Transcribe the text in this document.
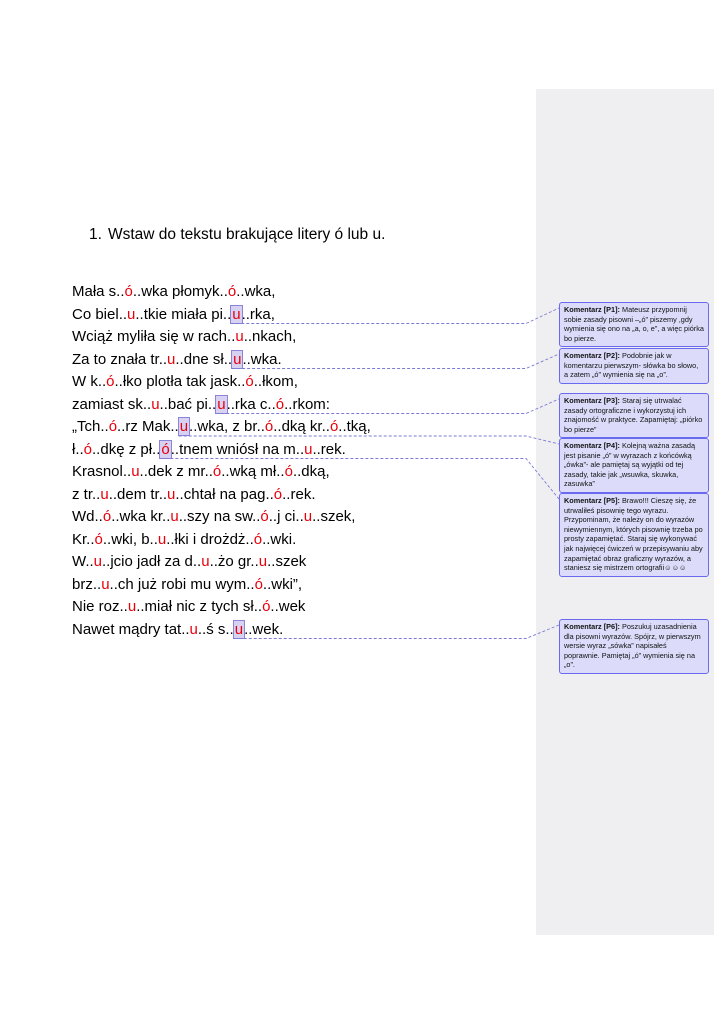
1. Wstaw do tekstu brakujące litery ó lub u.
Mała s..ó..wka płomyk..ó..wka,
Co biel..u..tkie miała pi..u..rka,
Wciąż myliła się w rach..u..nkach,
Za to znała tr..u..dne sł..u..wka.
W k..ó..łko plotła tak jask..ó..łkom,
zamiast sk..u..bać pi..u..rka c..ó..rkom:
„Tch..ó..rz Mak..u..wka, z br..ó..dką kr..ó..tką,
ł..ó..dkę z pł..ó..tnem wniósł na m..u..rek.
Krasnol..u..dek z mr..ó..wką mł..ó..dką,
z tr..u..dem tr..u..chtał na pag..ó..rek.
Wd..ó..wka kr..u..szy na sw..ó..j ci..u..szek,
Kr..ó..wki, b..u..łki i drożdż..ó..wki.
W..u..jcio jadł za d..u..żo gr..u..szek
brz..u..ch już robi mu wym..ó..wki”,
Nie roz..u..miał nic z tych sł..ó..wek
Nawet mądry tat..u..ś s..u..wek.
Komentarz [P1]: Mateusz przypomnij sobie zasady pisowni –„ó” piszemy ,gdy wymienia się ono na „a, o, e”, a więc piórka bo pierze.
Komentarz [P2]: Podobnie jak w komentarzu pierwszym- słówka bo słowo, a zatem „ó” wymienia się na „o”.
Komentarz [P3]: Staraj się utrwalać zasady ortograficzne i wykorzystuj ich znajomość w praktyce. Zapamiętaj: „piórko bo pierze”
Komentarz [P4]: Kolejną ważna zasadą jest pisanie „ó” w wyrazach z końcówką „ówka”- ale pamiętaj są wyjątki od tej zasady, takie jak „wsuwka, skuwka, zasuwka”
Komentarz [P5]: Brawo!!! Cieszę się, że utrwaliłeś pisownię tego wyrazu. Przypominam, że należy on do wyrazów niewymiennym, których pisownię trzeba po prosty zapamiętać. Staraj się wykonywać jak najwięcej ćwiczeń w przepisywaniu aby zapamiętać obraz graficzny wyrazów, a staniesz się mistrzem ortografii☺☺☺
Komentarz [P6]: Poszukuj uzasadnienia dla pisowni wyrazów. Spójrz, w pierwszym wersie wyraz „sówka” napisałeś poprawnie. Pamiętaj „ó” wymienia się na „o”.
